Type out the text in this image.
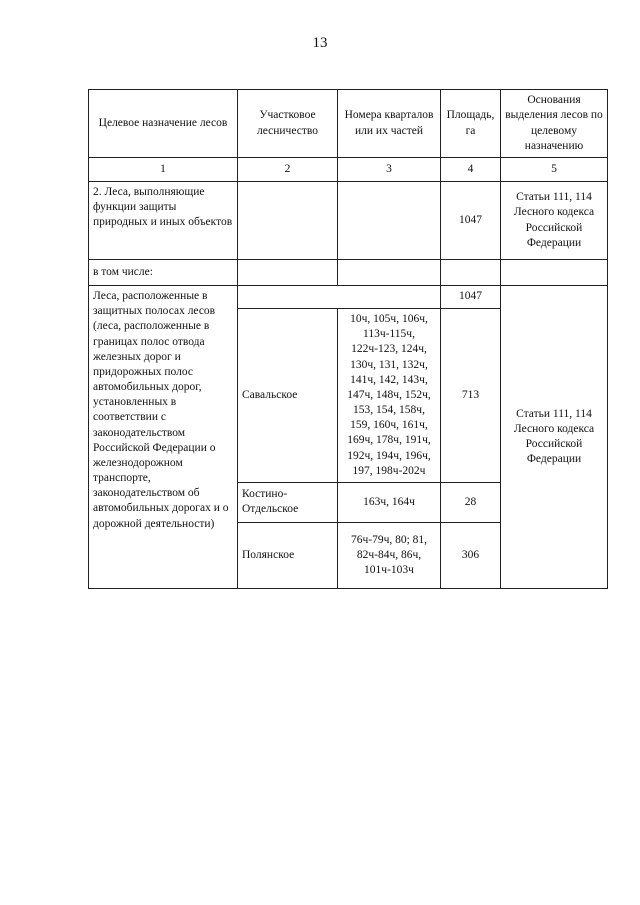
13
Целевое назначение лесов	Участковое лесничество	Номера кварталов или их частей	Площадь, га	Основания выделения лесов по целевому назначению
1	2	3	4	5
2. Леса, выполняющие функции защиты природных и иных объектов			1047	Статьи 111, 114 Лесного кодекса Российской Федерации
в том числе:				
Леса, расположенные в защитных полосах лесов (леса, расположенные в границах полос отвода железных дорог и придорожных полос автомобильных дорог, установленных в соответствии с законодательством Российской Федерации о железнодорожном транспорте, законодательством об автомобильных дорогах и о дорожной деятельности)			1047	Статьи 111, 114 Лесного кодекса Российской Федерации
	Савальское	10ч, 105ч, 106ч, 113ч-115ч, 122ч-123, 124ч, 130ч, 131, 132ч, 141ч, 142, 143ч, 147ч, 148ч, 152ч, 153, 154, 158ч, 159, 160ч, 161ч, 169ч, 178ч, 191ч, 192ч, 194ч, 196ч, 197, 198ч-202ч	713	
	Костино-Отдельское	163ч, 164ч	28	
	Полянское	76ч-79ч, 80; 81, 82ч-84ч, 86ч, 101ч-103ч	306	
